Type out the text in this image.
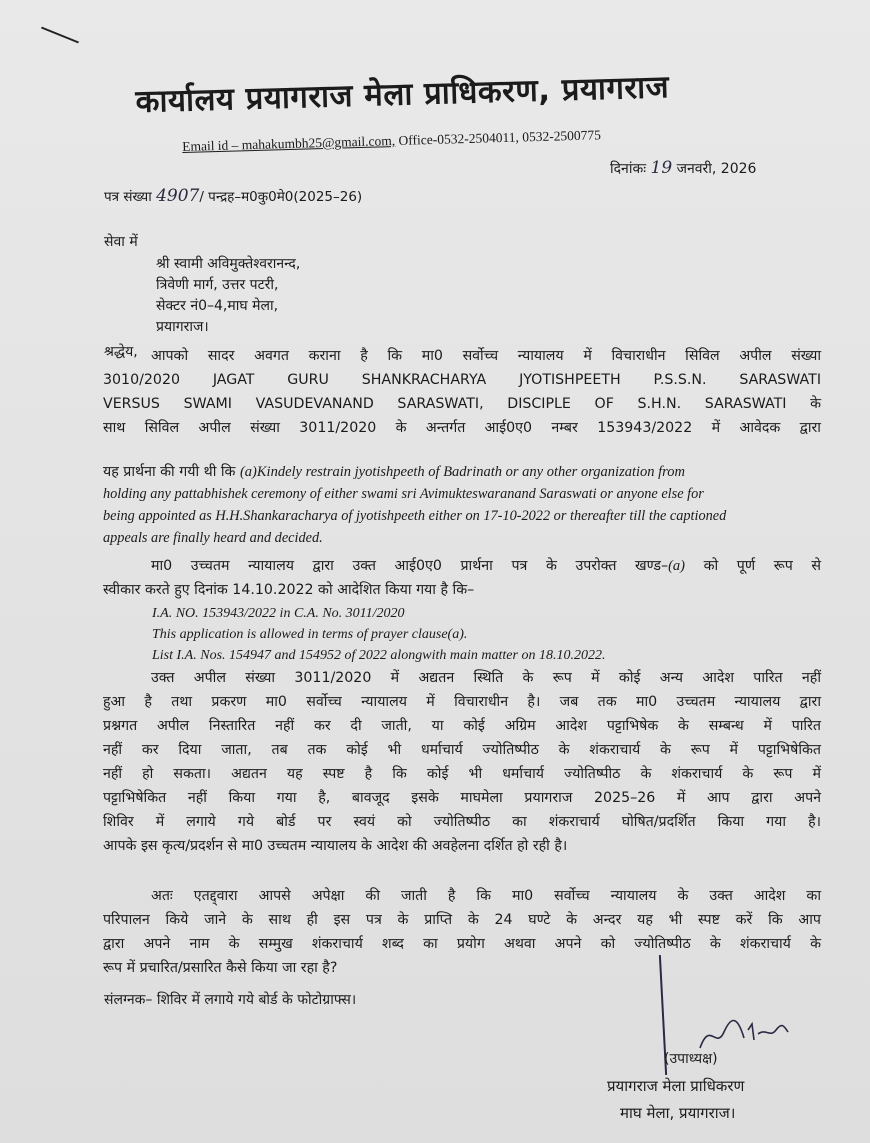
कार्यालय प्रयागराज मेला प्राधिकरण, प्रयागराज
Email id – mahakumbh25@gmail.com, Office-0532-2504011, 0532-2500775
दिनांकः 19 जनवरी, 2026
पत्र संख्या 4907/ पन्द्रह–म0कु0मे0(2025–26)
सेवा में
श्री स्वामी अविमुक्तेश्वरानन्द,
त्रिवेणी मार्ग, उत्तर पटरी,
सेक्टर नं0–4,माघ मेला,
प्रयागराज।
श्रद्धेय, आपको सादर अवगत कराना है कि मा0 सर्वोच्च न्यायालय में विचाराधीन सिविल अपील संख्या
3010/2020 JAGAT GURU SHANKRACHARYA JYOTISHPEETH P.S.S.N. SARASWATI
VERSUS SWAMI VASUDEVANAND SARASWATI, DISCIPLE OF S.H.N. SARASWATI के
साथ सिविल अपील संख्या 3011/2020 के अन्तर्गत आई0ए0 नम्बर 153943/2022 में आवेदक द्वारा
यह प्रार्थना की गयी थी कि (a)Kindely restrain jyotishpeeth of Badrinath or any other organization from
holding any pattabhishek ceremony of either swami sri Avimukteswaranand Saraswati or anyone else for
being appointed as H.H.Shankaracharya of jyotishpeeth either on 17-10-2022 or thereafter till the captioned
appeals are finally heard and decided.
मा0 उच्चतम न्यायालय द्वारा उक्त आई0ए0 प्रार्थना पत्र के उपरोक्त खण्ड–(a) को पूर्ण रूप से
स्वीकार करते हुए दिनांक 14.10.2022 को आदेशित किया गया है कि–
I.A. NO. 153943/2022 in C.A. No. 3011/2020
This application is allowed in terms of prayer clause(a).
List I.A. Nos. 154947 and 154952 of 2022 alongwith main matter on 18.10.2022.
उक्त अपील संख्या 3011/2020 में अद्यतन स्थिति के रूप में कोई अन्य आदेश पारित नहीं
हुआ है तथा प्रकरण मा0 सर्वोच्च न्यायालय में विचाराधीन है। जब तक मा0 उच्चतम न्यायालय द्वारा
प्रश्नगत अपील निस्तारित नहीं कर दी जाती, या कोई अग्रिम आदेश पट्टाभिषेक के सम्बन्ध में पारित
नहीं कर दिया जाता, तब तक कोई भी धर्माचार्य ज्योतिष्पीठ के शंकराचार्य के रूप में पट्टाभिषेकित
नहीं हो सकता। अद्यतन यह स्पष्ट है कि कोई भी धर्माचार्य ज्योतिष्पीठ के शंकराचार्य के रूप में
पट्टाभिषेकित नहीं किया गया है, बावजूद इसके माघमेला प्रयागराज 2025–26 में आप द्वारा अपने
शिविर में लगाये गये बोर्ड पर स्वयं को ज्योतिष्पीठ का शंकराचार्य घोषित/प्रदर्शित किया गया है।
आपके इस कृत्य/प्रदर्शन से मा0 उच्चतम न्यायालय के आदेश की अवहेलना दर्शित हो रही है।
अतः एतद्द्वारा आपसे अपेक्षा की जाती है कि मा0 सर्वोच्च न्यायालय के उक्त आदेश का
परिपालन किये जाने के साथ ही इस पत्र के प्राप्ति के 24 घण्टे के अन्दर यह भी स्पष्ट करें कि आप
द्वारा अपने नाम के सम्मुख शंकराचार्य शब्द का प्रयोग अथवा अपने को ज्योतिष्पीठ के शंकराचार्य के
रूप में प्रचारित/प्रसारित कैसे किया जा रहा है?
संलग्नक– शिविर में लगाये गये बोर्ड के फोटोग्राफ्स।
(उपाध्यक्ष)
प्रयागराज मेला प्राधिकरण
माघ मेला, प्रयागराज।
